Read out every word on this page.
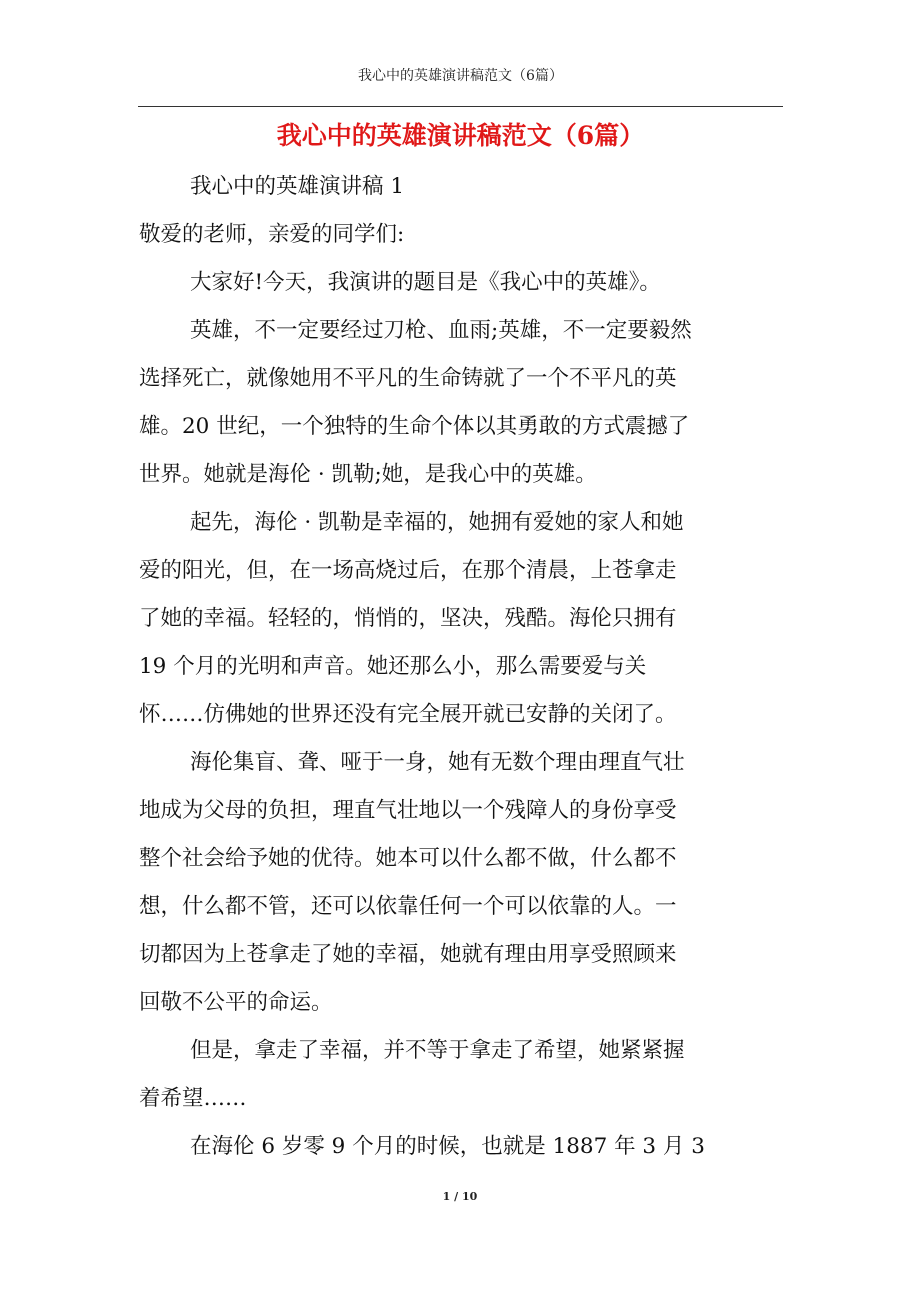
我心中的英雄演讲稿范文（6篇）
我心中的英雄演讲稿范文（6篇）
我心中的英雄演讲稿 1
敬爱的老师，亲爱的同学们:
大家好!今天，我演讲的题目是《我心中的英雄》。
英雄，不一定要经过刀枪、血雨;英雄，不一定要毅然
选择死亡，就像她用不平凡的生命铸就了一个不平凡的英
雄。20 世纪，一个独特的生命个体以其勇敢的方式震撼了
世界。她就是海伦 · 凯勒;她，是我心中的英雄。
起先，海伦 · 凯勒是幸福的，她拥有爱她的家人和她
爱的阳光，但，在一场高烧过后，在那个清晨，上苍拿走
了她的幸福。轻轻的，悄悄的，坚决，残酷。海伦只拥有
19 个月的光明和声音。她还那么小，那么需要爱与关
怀……仿佛她的世界还没有完全展开就已安静的关闭了。
海伦集盲、聋、哑于一身，她有无数个理由理直气壮
地成为父母的负担，理直气壮地以一个残障人的身份享受
整个社会给予她的优待。她本可以什么都不做，什么都不
想，什么都不管，还可以依靠任何一个可以依靠的人。一
切都因为上苍拿走了她的幸福，她就有理由用享受照顾来
回敬不公平的命运。
但是，拿走了幸福，并不等于拿走了希望，她紧紧握
着希望……
在海伦 6 岁零 9 个月的时候，也就是 1887 年 3 月 3
1 / 10
